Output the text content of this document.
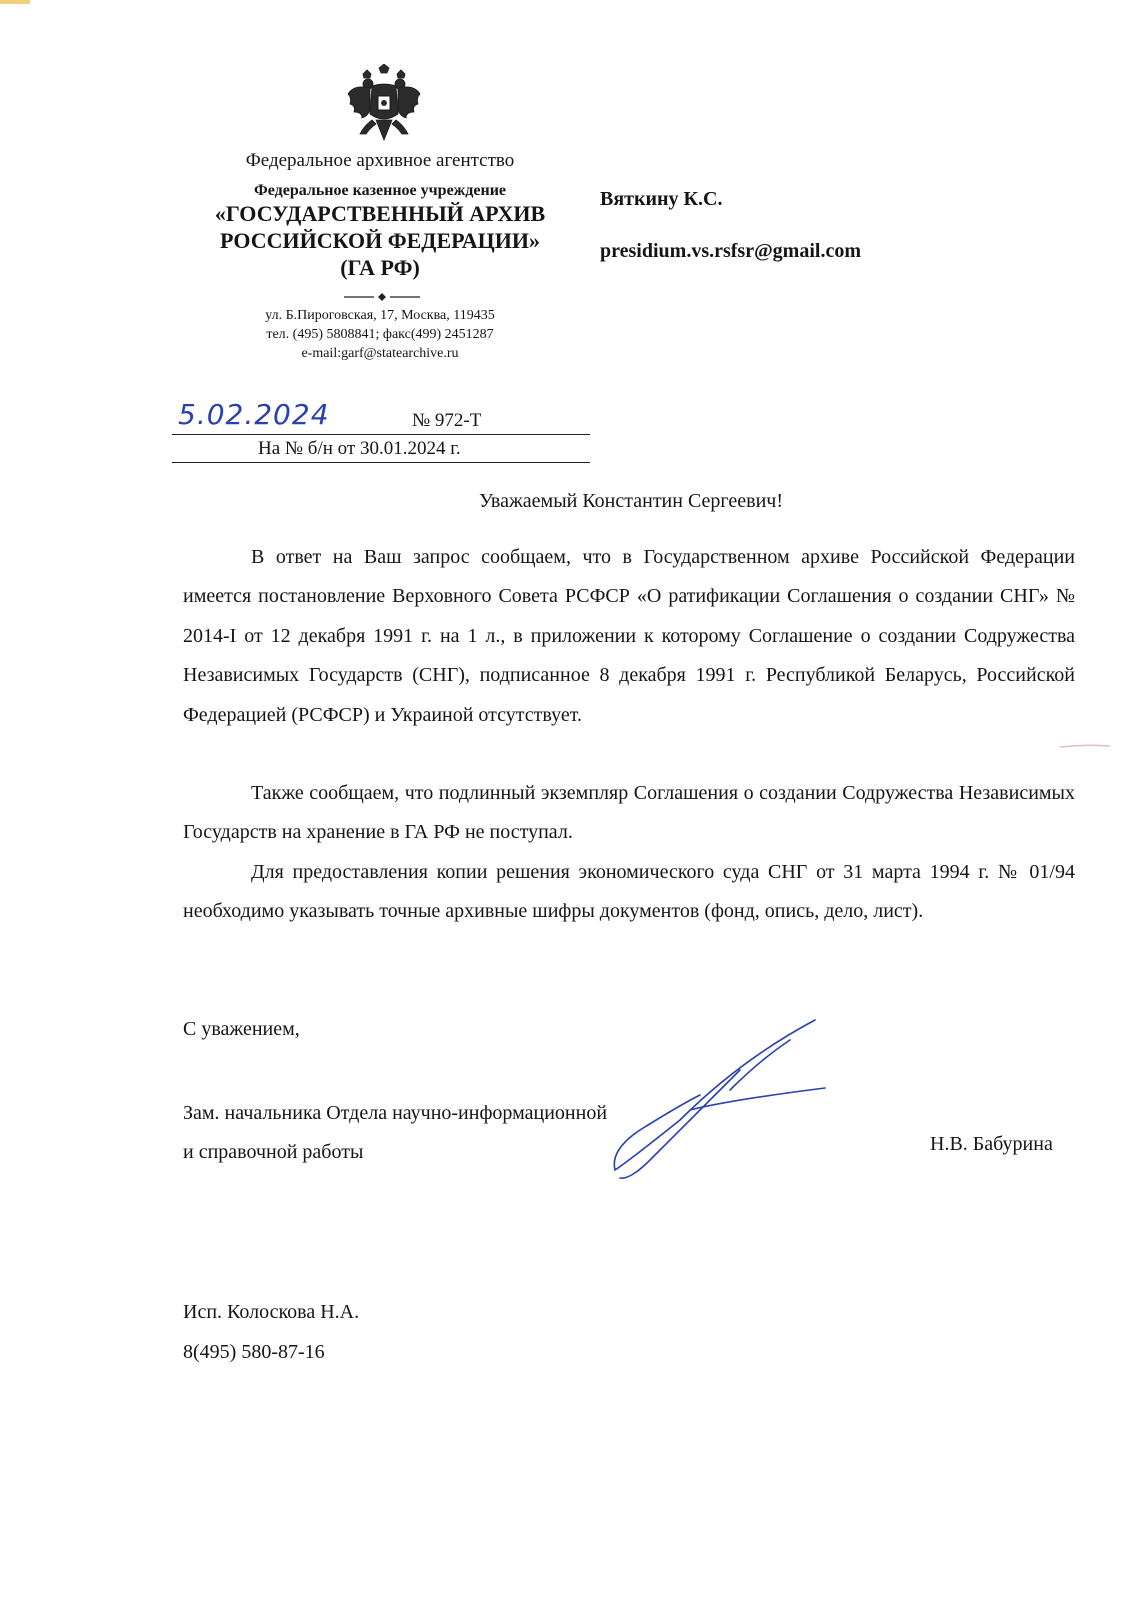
Федеральное архивное агентство
Федеральное казенное учреждение
«ГОСУДАРСТВЕННЫЙ АРХИВ
РОССИЙСКОЙ ФЕДЕРАЦИИ»
(ГА РФ)
ул. Б.Пироговская, 17, Москва, 119435
тел. (495) 5808841; факс(499) 2451287
e-mail:garf@statearchive.ru
Вяткину К.С.
presidium.vs.rsfsr@gmail.com
5.02.2024	№ 972-Т
На № б/н от 30.01.2024 г.
Уважаемый Константин Сергеевич!

В ответ на Ваш запрос сообщаем, что в Государственном архиве Российской Федерации имеется постановление Верховного Совета РСФСР «О ратификации Соглашения о создании СНГ» № 2014-I от 12 декабря 1991 г. на 1 л., в приложении к которому Соглашение о создании Содружества Независимых Государств (СНГ), подписанное 8 декабря 1991 г. Республикой Беларусь, Российской Федерацией (РСФСР) и Украиной отсутствует.

Также сообщаем, что подлинный экземпляр Соглашения о создании Содружества Независимых Государств на хранение в ГА РФ не поступал.

Для предоставления копии решения экономического суда СНГ от 31 марта 1994 г. № 01/94 необходимо указывать точные архивные шифры документов (фонд, опись, дело, лист).

С уважением,
Зам. начальника Отдела научно-информационной
и справочной работы	Н.В. Бабурина
Исп. Колоскова Н.А.
8(495) 580-87-16
